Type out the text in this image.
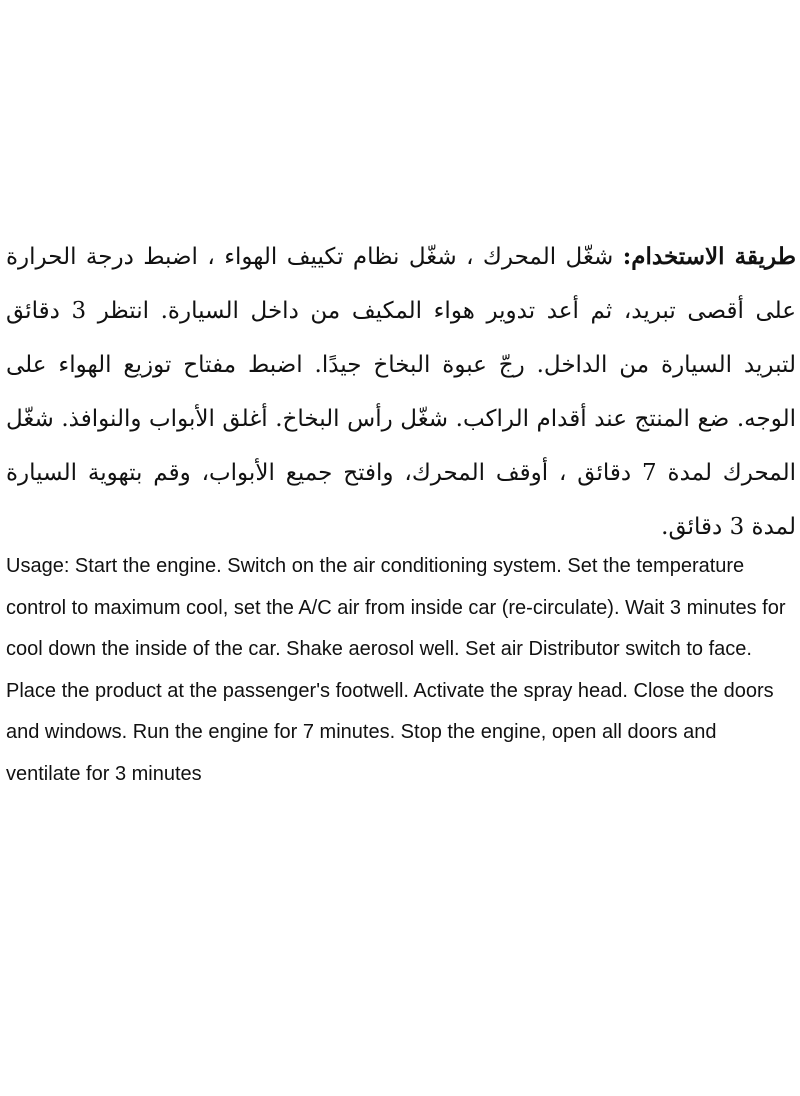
طريقة الاستخدام: شغّل المحرك ، شغّل نظام تكييف الهواء ، اضبط درجة الحرارة على أقصى تبريد، ثم أعد تدوير هواء المكيف من داخل السيارة. انتظر 3 دقائق لتبريد السيارة من الداخل. رجّ عبوة البخاخ جيدًا. اضبط مفتاح توزيع الهواء على الوجه. ضع المنتج عند أقدام الراكب. شغّل رأس البخاخ. أغلق الأبواب والنوافذ. شغّل المحرك لمدة 7 دقائق ، أوقف المحرك، وافتح جميع الأبواب، وقم بتهوية السيارة لمدة 3 دقائق.
Usage: Start the engine. Switch on the air conditioning system. Set the temperature control to maximum cool, set the A/C air from inside car (re-circulate). Wait 3 minutes for cool down the inside of the car. Shake aerosol well. Set air Distributor switch to face. Place the product at the passenger's footwell. Activate the spray head. Close the doors and windows. Run the engine for 7 minutes. Stop the engine, open all doors and ventilate for 3 minutes
